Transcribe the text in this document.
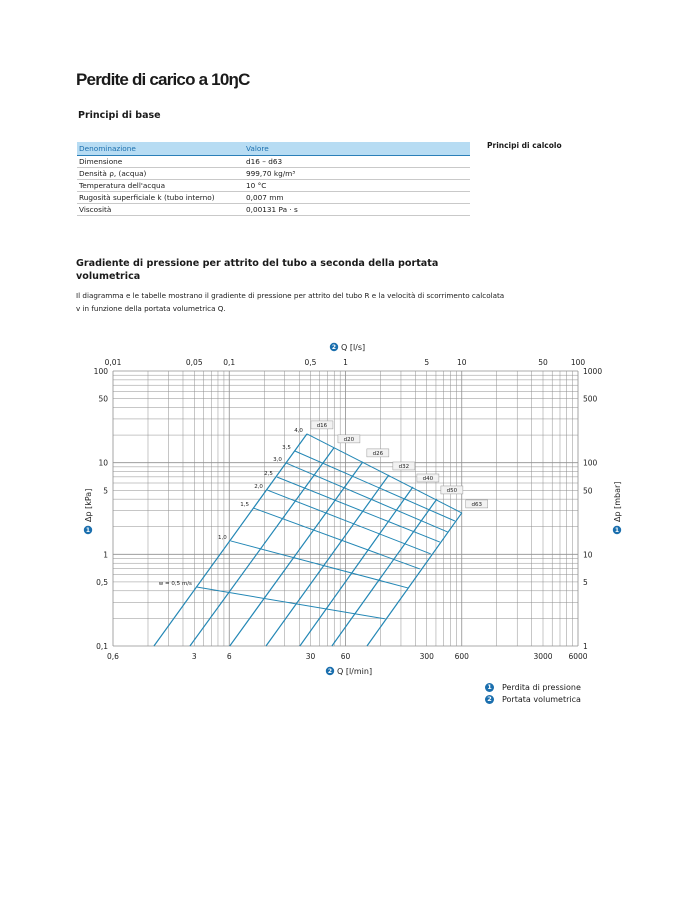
Perdite di carico a 10ŋC
Principi di base
Principi di calcolo
Denominazione	Valore
Dimensione	d16 – d63
Densità ρ, (acqua)	999,70 kg/m³
Temperatura dell'acqua	10 °C
Rugosità superficiale k (tubo interno)	0,007 mm
Viscosità	0,00131 Pa · s
Gradiente di pressione per attrito del tubo a seconda della portata volumetrica
Il diagramma e le tabelle mostrano il gradiente di pressione per attrito del tubo R e la velocità di scorrimento calcolata v in funzione della portata volumetrica Q.
0,01	0,05	0,1	0,5	1	5	10	50	100
0,6	3	6	30	60	300	600	3000 6000
100
50
10
5
1
0,5
0,1
1000
500
100
50
10
5
1
2 Q [l/s]
2 Q [l/min]
Δp [kPa]
1	1
Δp [mbar]
d16
d20
d26
d32
d40
d50
d63
4,0
3,5
3,0
2,5
2,0
1,5
1,0
w = 0,5 m/s
1 Perdita di pressione
2 Portata volumetrica
